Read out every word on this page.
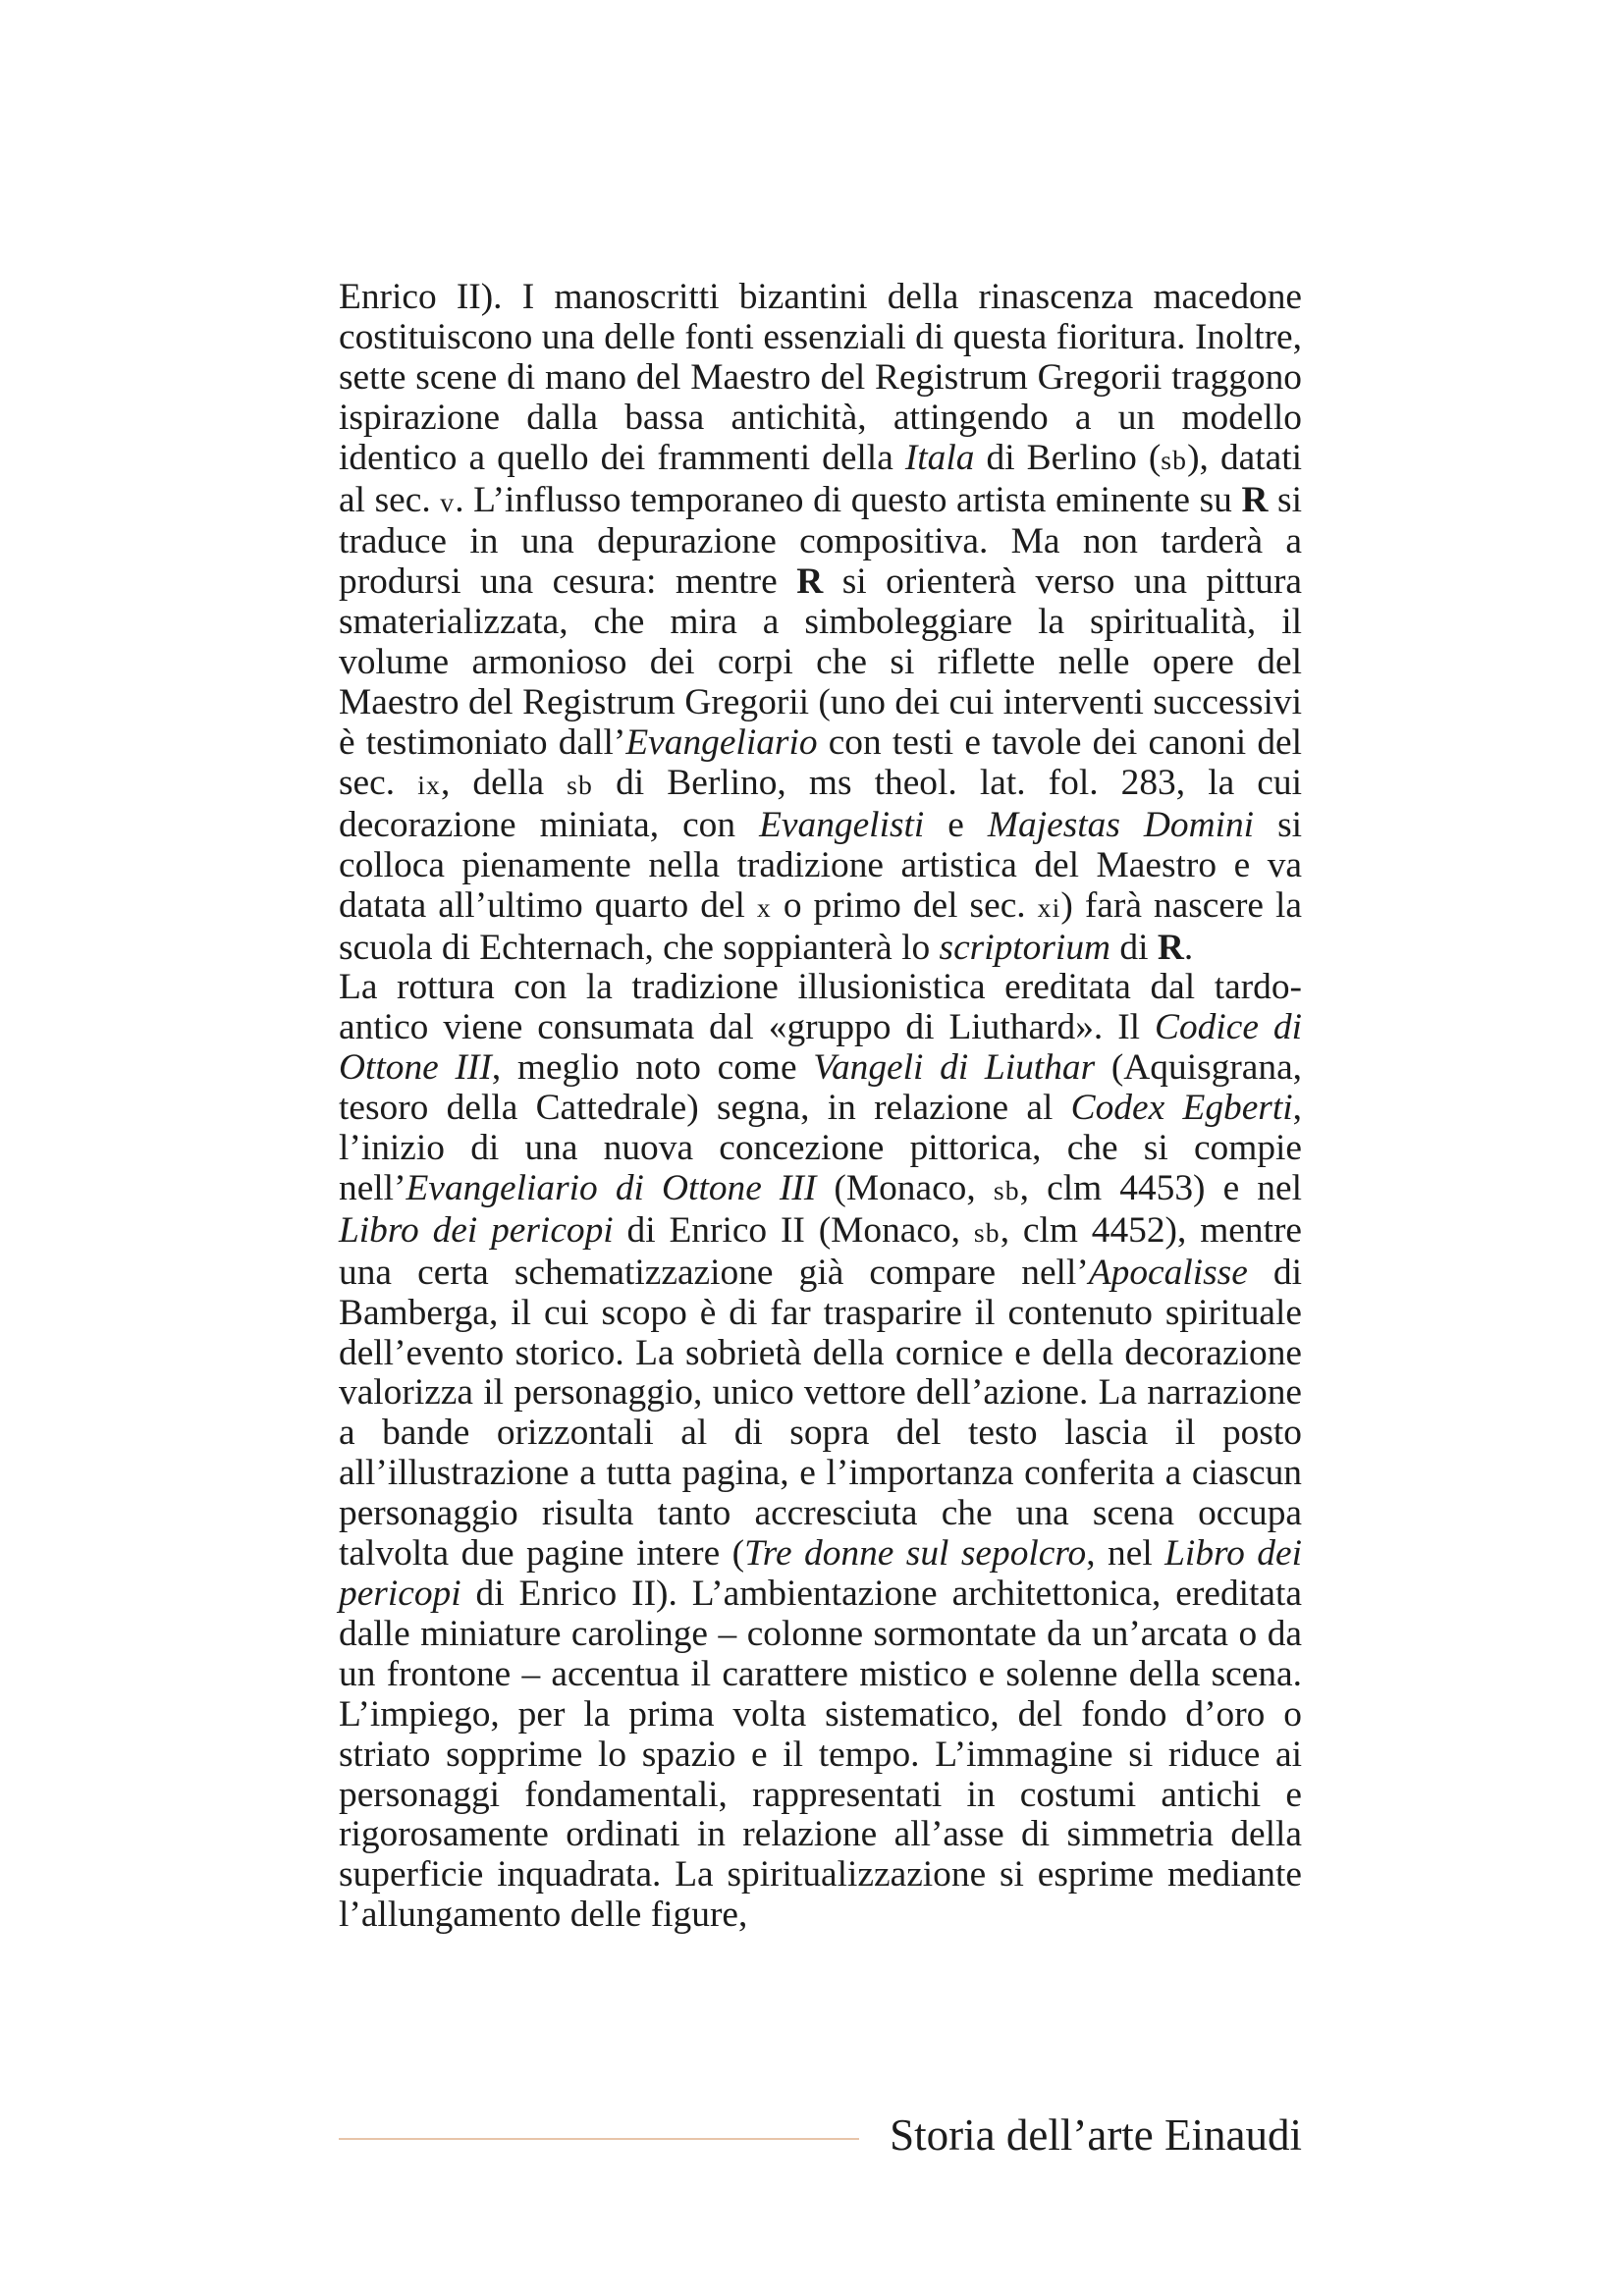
Enrico II). I manoscritti bizantini della rinascenza macedone costituiscono una delle fonti essenziali di questa fioritura. Inoltre, sette scene di mano del Maestro del Registrum Gregorii traggono ispirazione dalla bassa antichità, attingendo a un modello identico a quello dei frammenti della Itala di Berlino (sb), datati al sec. v. L’influsso temporaneo di questo artista eminente su R si traduce in una depurazione compositiva. Ma non tarderà a prodursi una cesura: mentre R si orienterà verso una pittura smaterializzata, che mira a simboleggiare la spiritualità, il volume armonioso dei corpi che si riflette nelle opere del Maestro del Registrum Gregorii (uno dei cui interventi successivi è testimoniato dall’Evangeliario con testi e tavole dei canoni del sec. ix, della sb di Berlino, ms theol. lat. fol. 283, la cui decorazione miniata, con Evangelisti e Majestas Domini si colloca pienamente nella tradizione artistica del Maestro e va datata all’ultimo quarto del x o primo del sec. xi) farà nascere la scuola di Echternach, che soppianterà lo scriptorium di R.

La rottura con la tradizione illusionistica ereditata dal tardo-antico viene consumata dal «gruppo di Liuthard». Il Codice di Ottone III, meglio noto come Vangeli di Liuthar (Aquisgrana, tesoro della Cattedrale) segna, in relazione al Codex Egberti, l’inizio di una nuova concezione pittorica, che si compie nell’Evangeliario di Ottone III (Monaco, sb, clm 4453) e nel Libro dei pericopi di Enrico II (Monaco, sb, clm 4452), mentre una certa schematizzazione già compare nell’Apocalisse di Bamberga, il cui scopo è di far trasparire il contenuto spirituale dell’evento storico. La sobrietà della cornice e della decorazione valorizza il personaggio, unico vettore dell’azione. La narrazione a bande orizzontali al di sopra del testo lascia il posto all’illustrazione a tutta pagina, e l’importanza conferita a ciascun personaggio risulta tanto accresciuta che una scena occupa talvolta due pagine intere (Tre donne sul sepolcro, nel Libro dei pericopi di Enrico II). L’ambientazione architettonica, ereditata dalle miniature carolinge – colonne sormontate da un’arcata o da un frontone – accentua il carattere mistico e solenne della scena. L’impiego, per la prima volta sistematico, del fondo d’oro o striato sopprime lo spazio e il tempo. L’immagine si riduce ai personaggi fondamentali, rappresentati in costumi antichi e rigorosamente ordinati in relazione all’asse di simmetria della superficie inquadrata. La spiritualizzazione si esprime mediante l’allungamento delle figure,

Storia dell’arte Einaudi
